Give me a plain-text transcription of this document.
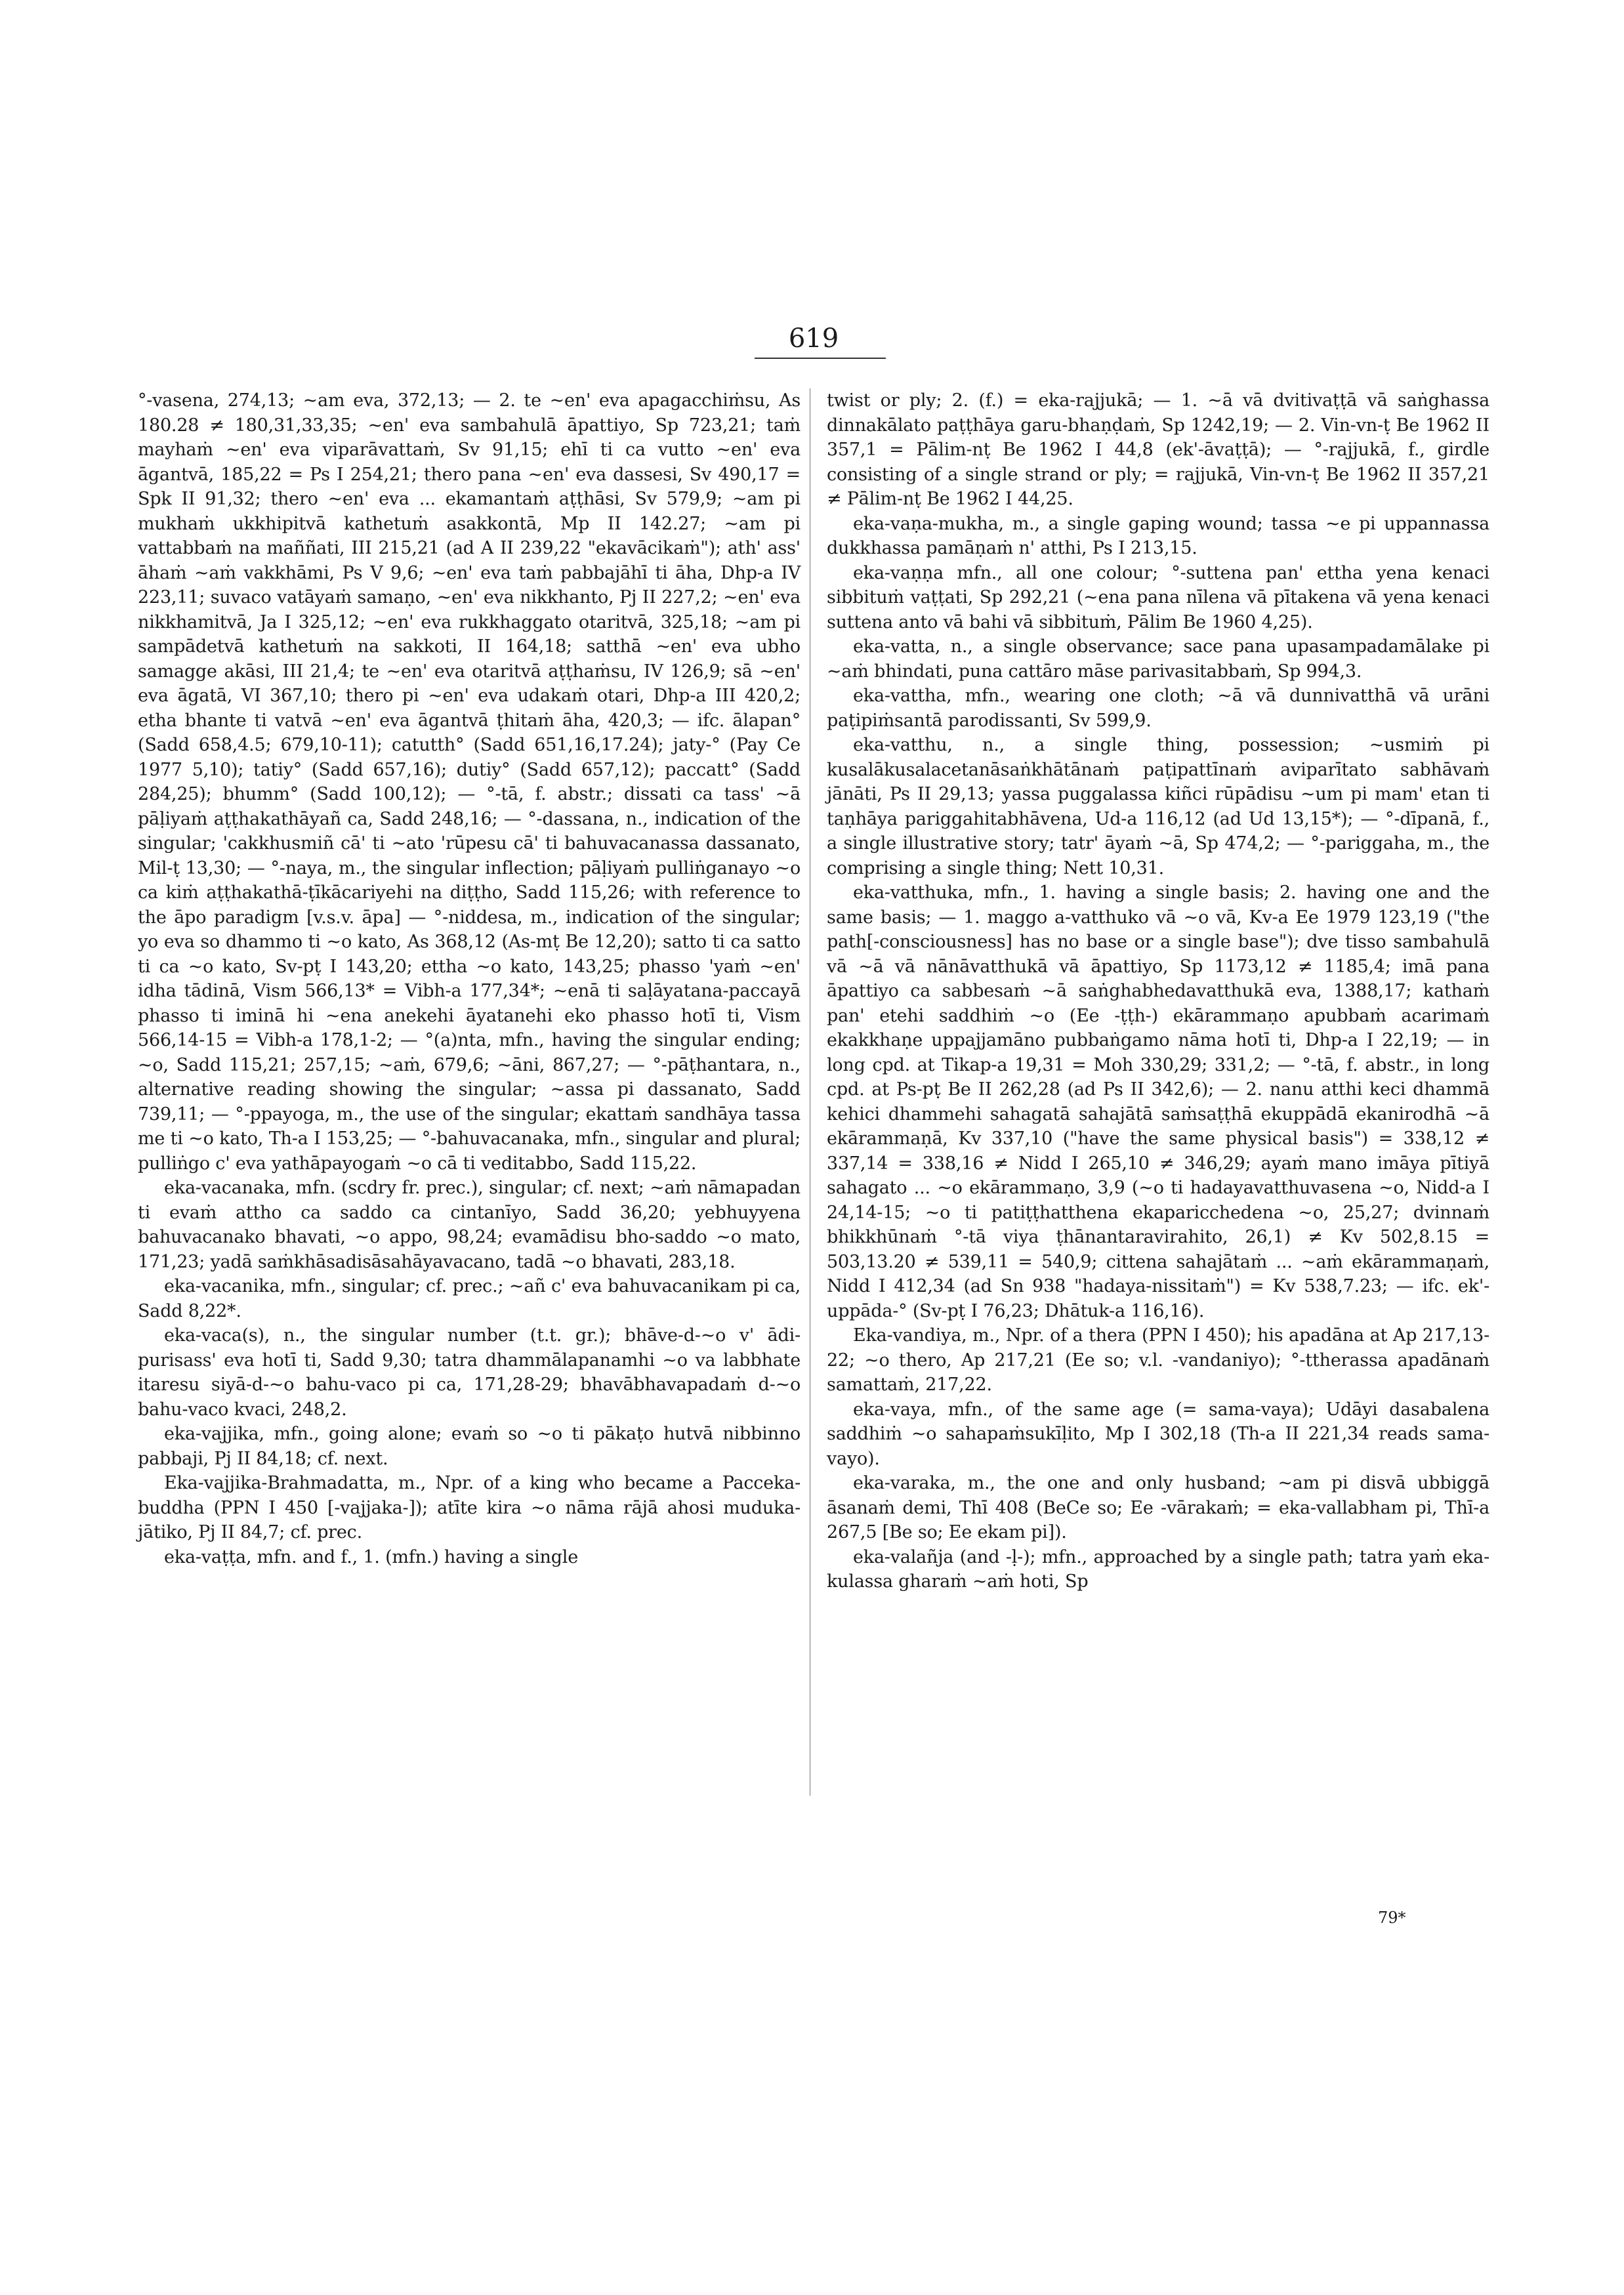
619

°-vasena, 274,13; ~am eva, 372,13; — 2. te ~en' eva apagacchiṁsu, As 180.28 ≠ 180,31,33,35; ~en' eva sambahulā āpattiyo, Sp 723,21; taṁ mayhaṁ ~en' eva viparāvattaṁ, Sv 91,15; ehī ti ca vutto ~en' eva āgantvā, 185,22 = Ps I 254,21; thero pana ~en' eva dassesi, Sv 490,17 = Spk II 91,32; thero ~en' eva ... ekamantaṁ aṭṭhāsi, Sv 579,9; ~am pi mukhaṁ ukkhipitvā kathetuṁ asakkontā, Mp II 142.27; ~am pi vattabbaṁ na maññati, III 215,21 (ad A II 239,22 "ekavācikaṁ"); ath' ass' āhaṁ ~aṁ vakkhāmi, Ps V 9,6; ~en' eva taṁ pabbajāhī ti āha, Dhp-a IV 223,11; suvaco vatāyaṁ samaṇo, ~en' eva nikkhanto, Pj II 227,2; ~en' eva nikkhamitvā, Ja I 325,12; ~en' eva rukkhaggato otaritvā, 325,18; ~am pi sampādetvā kathetuṁ na sakkoti, II 164,18; satthā ~en' eva ubho samagge akāsi, III 21,4; te ~en' eva otaritvā aṭṭhaṁsu, IV 126,9; sā ~en' eva āgatā, VI 367,10; thero pi ~en' eva udakaṁ otari, Dhp-a III 420,2; etha bhante ti vatvā ~en' eva āgantvā ṭhitaṁ āha, 420,3; — ifc. ālapan° (Sadd 658,4.5; 679,10-11); catutth° (Sadd 651,16,17.24); jaty-° (Pay Ce 1977 5,10); tatiy° (Sadd 657,16); dutiy° (Sadd 657,12); paccatt° (Sadd 284,25); bhumm° (Sadd 100,12); — °-tā, f. abstr.; dissati ca tass' ~ā pāḷiyaṁ aṭṭhakathāyañ ca, Sadd 248,16; — °-dassana, n., indication of the singular; 'cakkhusmiñ cā' ti ~ato 'rūpesu cā' ti bahuvacanassa dassanato, Mil-ṭ 13,30; — °-naya, m., the singular inflection; pāḷiyaṁ pulliṅganayo ~o ca kiṁ aṭṭhakathā-ṭīkācariyehi na diṭṭho, Sadd 115,26; with reference to the āpo paradigm [v.s.v. āpa] — °-niddesa, m., indication of the singular; yo eva so dhammo ti ~o kato, As 368,12 (As-mṭ Be 12,20); satto ti ca satto ti ca ~o kato, Sv-pṭ I 143,20; ettha ~o kato, 143,25; phasso 'yaṁ ~en' idha tādinā, Vism 566,13* = Vibh-a 177,34*; ~enā ti saḷāyatana-paccayā phasso ti iminā hi ~ena anekehi āyatanehi eko phasso hotī ti, Vism 566,14-15 = Vibh-a 178,1-2; — °(a)nta, mfn., having the singular ending; ~o, Sadd 115,21; 257,15; ~aṁ, 679,6; ~āni, 867,27; — °-pāṭhantara, n., alternative reading showing the singular; ~assa pi dassanato, Sadd 739,11; — °-ppayoga, m., the use of the singular; ekattaṁ sandhāya tassa me ti ~o kato, Th-a I 153,25; — °-bahuvacanaka, mfn., singular and plural; pulliṅgo c' eva yathāpayogaṁ ~o cā ti veditabbo, Sadd 115,22.

eka-vacanaka, mfn. (scdry fr. prec.), singular; cf. next; ~aṁ nāmapadan ti evaṁ attho ca saddo ca cintanīyo, Sadd 36,20; yebhuyyena bahuvacanako bhavati, ~o appo, 98,24; evamādisu bho-saddo ~o mato, 171,23; yadā saṁkhāsadisāsahāyavacano, tadā ~o bhavati, 283,18.

eka-vacanika, mfn., singular; cf. prec.; ~añ c' eva bahuvacanikam pi ca, Sadd 8,22*.

eka-vaca(s), n., the singular number (t.t. gr.); bhāve-d-~o v' ādi-purisass' eva hotī ti, Sadd 9,30; tatra dhammālapanamhi ~o va labbhate itaresu siyā-d-~o bahu-vaco pi ca, 171,28-29; bhavābhavapadaṁ d-~o bahu-vaco kvaci, 248,2.

eka-vajjika, mfn., going alone; evaṁ so ~o ti pākaṭo hutvā nibbinno pabbaji, Pj II 84,18; cf. next.

Eka-vajjika-Brahmadatta, m., Npr. of a king who became a Pacceka-buddha (PPN I 450 [-vajjaka-]); atīte kira ~o nāma rājā ahosi muduka-jātiko, Pj II 84,7; cf. prec.

eka-vaṭṭa, mfn. and f., 1. (mfn.) having a single

twist or ply; 2. (f.) = eka-rajjukā; — 1. ~ā vā dvitivaṭṭā vā saṅghassa dinnakālato paṭṭhāya garu-bhaṇḍaṁ, Sp 1242,19; — 2. Vin-vn-ṭ Be 1962 II 357,1 = Pālim-nṭ Be 1962 I 44,8 (ek'-āvaṭṭā); — °-rajjukā, f., girdle consisting of a single strand or ply; = rajjukā, Vin-vn-ṭ Be 1962 II 357,21 ≠ Pālim-nṭ Be 1962 I 44,25.

eka-vaṇa-mukha, m., a single gaping wound; tassa ~e pi uppannassa dukkhassa pamāṇaṁ n' atthi, Ps I 213,15.

eka-vaṇṇa mfn., all one colour; °-suttena pan' ettha yena kenaci sibbituṁ vaṭṭati, Sp 292,21 (~ena pana nīlena vā pītakena vā yena kenaci suttena anto vā bahi vā sibbituṁ, Pālim Be 1960 4,25).

eka-vatta, n., a single observance; sace pana upasampadamālake pi ~aṁ bhindati, puna cattāro māse parivasitabbaṁ, Sp 994,3.

eka-vattha, mfn., wearing one cloth; ~ā vā dunnivatthā vā urāni paṭipiṁsantā parodissanti, Sv 599,9.

eka-vatthu, n., a single thing, possession; ~usmiṁ pi kusalākusalacetanāsaṅkhātānaṁ paṭipattīnaṁ aviparītato sabhāvaṁ jānāti, Ps II 29,13; yassa puggalassa kiñci rūpādisu ~um pi mam' etan ti taṇhāya pariggahitabhāvena, Ud-a 116,12 (ad Ud 13,15*); — °-dīpanā, f., a single illustrative story; tatr' āyaṁ ~ā, Sp 474,2; — °-pariggaha, m., the comprising a single thing; Nett 10,31.

eka-vatthuka, mfn., 1. having a single basis; 2. having one and the same basis; — 1. maggo a-vatthuko vā ~o vā, Kv-a Ee 1979 123,19 ("the path[-consciousness] has no base or a single base"); dve tisso sambahulā vā ~ā vā nānāvatthukā vā āpattiyo, Sp 1173,12 ≠ 1185,4; imā pana āpattiyo ca sabbesaṁ ~ā saṅghabhedavatthukā eva, 1388,17; kathaṁ pan' etehi saddhiṁ ~o (Ee -ṭṭh-) ekārammaṇo apubbaṁ acarimaṁ ekakkhaṇe uppajjamāno pubbaṅgamo nāma hotī ti, Dhp-a I 22,19; — in long cpd. at Tikap-a 19,31 = Moh 330,29; 331,2; — °-tā, f. abstr., in long cpd. at Ps-pṭ Be II 262,28 (ad Ps II 342,6); — 2. nanu atthi keci dhammā kehici dhammehi sahagatā sahajātā saṁsaṭṭhā ekuppādā ekanirodhā ~ā ekārammaṇā, Kv 337,10 ("have the same physical basis") = 338,12 ≠ 337,14 = 338,16 ≠ Nidd I 265,10 ≠ 346,29; ayaṁ mano imāya pītiyā sahagato ... ~o ekārammaṇo, 3,9 (~o ti hadayavatthuvasena ~o, Nidd-a I 24,14-15; ~o ti patiṭṭhatthena ekaparicchedena ~o, 25,27; dvinnaṁ bhikkhūnaṁ °-tā viya ṭhānantaravirahito, 26,1) ≠ Kv 502,8.15 = 503,13.20 ≠ 539,11 = 540,9; cittena sahajātaṁ ... ~aṁ ekārammaṇaṁ, Nidd I 412,34 (ad Sn 938 "hadaya-nissitaṁ") = Kv 538,7.23; — ifc. ek'-uppāda-° (Sv-pṭ I 76,23; Dhātuk-a 116,16).

Eka-vandiya, m., Npr. of a thera (PPN I 450); his apadāna at Ap 217,13-22; ~o thero, Ap 217,21 (Ee so; v.l. -vandaniyo); °-ttherassa apadānaṁ samattaṁ, 217,22.

eka-vaya, mfn., of the same age (= sama-vaya); Udāyi dasabalena saddhiṁ ~o sahapaṁsukīḷito, Mp I 302,18 (Th-a II 221,34 reads sama-vayo).

eka-varaka, m., the one and only husband; ~am pi disvā ubbiggā āsanaṁ demi, Thī 408 (BeCe so; Ee -vārakaṁ; = eka-vallabham pi, Thī-a 267,5 [Be so; Ee ekam pi]).

eka-valañja (and -ḷ-); mfn., approached by a single path; tatra yaṁ eka-kulassa gharaṁ ~aṁ hoti, Sp

79*
